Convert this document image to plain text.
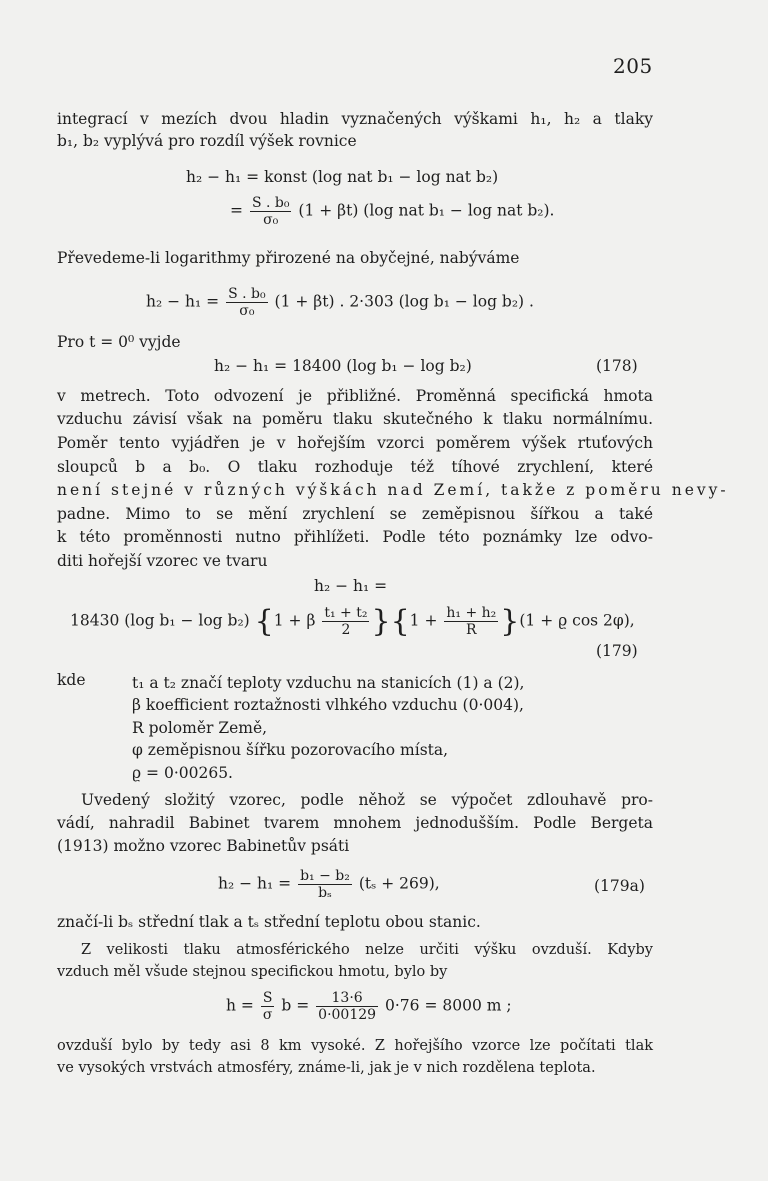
205
integrací v mezích dvou hladin vyznačených výškami h₁, h₂ a tlaky
b₁, b₂ vyplývá pro rozdíl výšek rovnice
h₂ − h₁ = konst (log nat b₁ − log nat b₂)
= $\frac{\text{S . b₀}}{\text{σ₀}} (1 + \beta t)$ (log nat b₁ − log nat b₂).
Převedeme-li logarithmy přirozené na obyčejné, nabýváme
$h_2 - h_1 = \frac{\text{S . b₀}}{\text{σ₀}} (1 + \beta t)$ . 2·303 (log b₁ − log b₂) .
Pro t = 0⁰ vyjde
h₂ − h₁ = 18400 (log b₁ − log b₂)	(178)
v metrech. Toto odvození je přibližné. Proměnná specifická hmota
vzduchu závisí však na poměru tlaku skutečného k tlaku normálnímu.
Poměr tento vyjádřen je v hořejším vzorci poměrem výšek rtuťových
sloupců b a b₀. O tlaku rozhoduje též tíhové zrychlení, které
není stejné v různých výškách nad Zemí, takže z poměru nevy-
padne. Mimo to se mění zrychlení se zeměpisnou šířkou a také
k této proměnnosti nutno přihlížeti. Podle této poznámky lze odvo-
diti hořejší vzorec ve tvaru
h₂ − h₁ =
18430 (log b₁ − log b₂) {1 + β $\frac{\text{t₁ + t₂}}{2} \}\{1 + \frac{\text{h₁ + h₂}}{R} \}(1 + ϱ$ cos 2φ),
(179)
kde	t₁ a t₂ značí teploty vzduchu na stanicích (1) a (2),
β koefficient roztažnosti vlhkého vzduchu (0·004),
R poloměr Země,
φ zeměpisnou šířku pozorovacího místa,
ϱ = 0·00265.
Uvedený složitý vzorec, podle něhož se výpočet zdlouhavě pro-
vádí, nahradil Babinet tvarem mnohem jednodušším. Podle Bergeta
(1913) možno vzorec Babinetův psáti
$h_2 - h_1 = \frac{\text{b₁ − b₂}}{\text{bₛ}} (t_s + 269)$,	(179a)
značí-li bₛ střední tlak a tₛ střední teplotu obou stanic.
Z velikosti tlaku atmosférického nelze určiti výšku ovzduší. Kdyby
vzduch měl všude stejnou specifickou hmotu, bylo by
$h = \frac{S}{\sigma}$ $b = \frac{13\cdot 6}{0\cdot 00129} 0\cdot 76 = 8000$ m ;
ovzduší bylo by tedy asi 8 km vysoké. Z hořejšího vzorce lze počítati tlak
ve vysokých vrstvách atmosféry, známe-li, jak je v nich rozdělena teplota.
